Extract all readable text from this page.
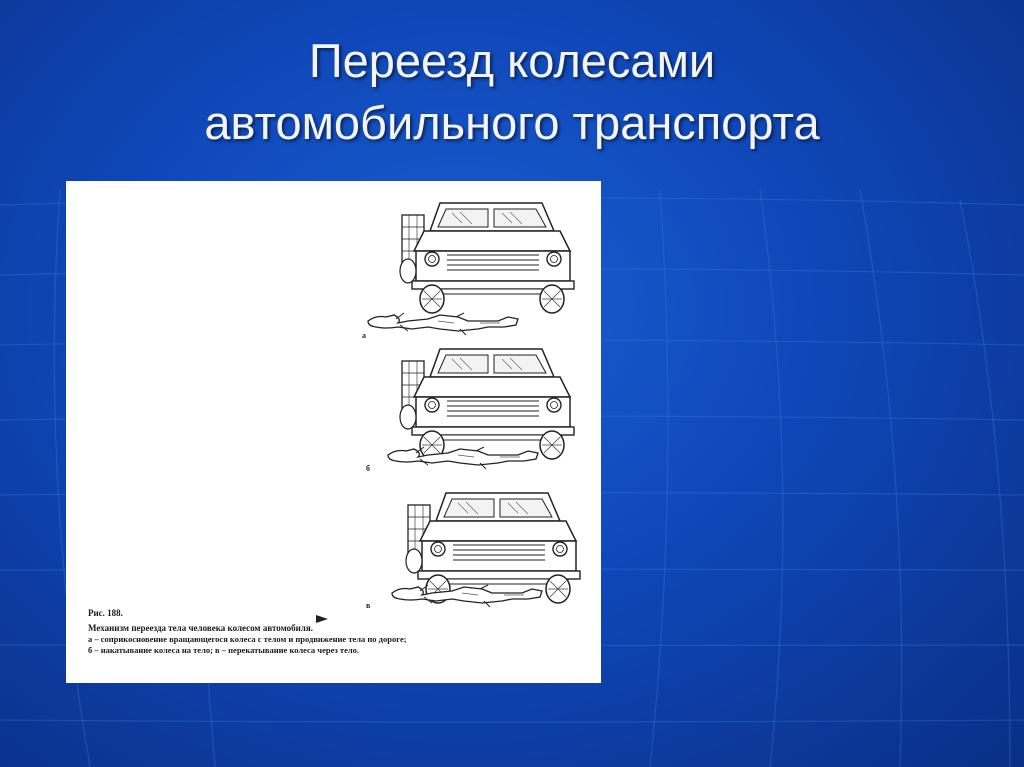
Переезд колесами
автомобильного транспорта
а
б
в
Рис. 188.
Механизм переезда тела человека колесом автомобиля.
а – соприкосновение вращающегося колеса с телом и продвижение тела по дороге;
б – накатывание колеса на тело; в – перекатывание колеса через тело.
